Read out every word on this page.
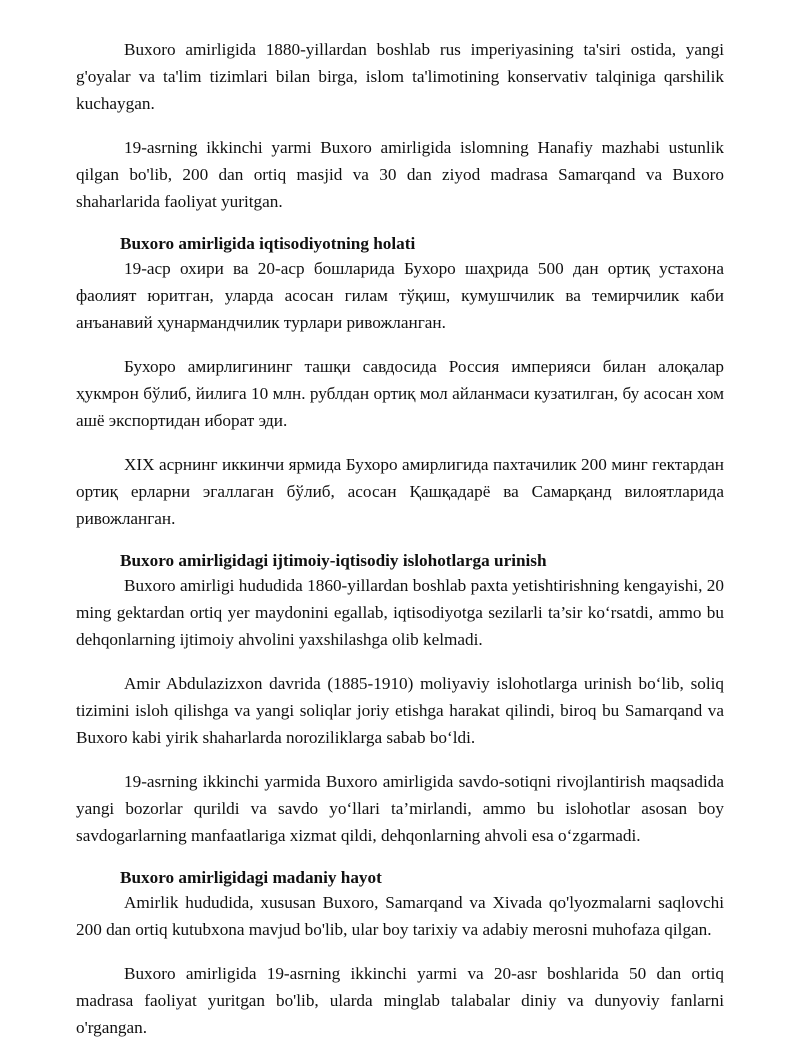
Buxoro amirligida 1880-yillardan boshlab rus imperiyasining ta'siri ostida, yangi g'oyalar va ta'lim tizimlari bilan birga, islom ta'limotining konservativ talqiniga qarshilik kuchaygan.

19-asrning ikkinchi yarmi Buxoro amirligida islomning Hanafiy mazhabi ustunlik qilgan bo'lib, 200 dan ortiq masjid va 30 dan ziyod madrasa Samarqand va Buxoro shaharlarida faoliyat yuritgan.

Buxoro amirligida iqtisodiyotning holati

19-аср охири ва 20-аср бошларида Бухоро шаҳрида 500 дан ортиқ устахона фаолият юритган, уларда асосан гилам тўқиш, кумушчилик ва темирчилик каби анъанавий ҳунармандчилик турлари ривожланган.

Бухоро амирлигининг ташқи савдосида Россия империяси билан алоқалар ҳукмрон бўлиб, йилига 10 млн. рублдан ортиқ мол айланмаси кузатилган, бу асосан хом ашё экспортидан иборат эди.

XIX асрнинг иккинчи ярмида Бухоро амирлигида пахтачилик 200 минг гектардан ортиқ ерларни эгаллаган бўлиб, асосан Қашқадарё ва Самарқанд вилоятларида ривожланган.

Buxoro amirligidagi ijtimoiy-iqtisodiy islohotlarga urinish

Buxoro amirligi hududida 1860-yillardan boshlab paxta yetishtirishning kengayishi, 20 ming gektardan ortiq yer maydonini egallab, iqtisodiyotga sezilarli ta’sir ko‘rsatdi, ammo bu dehqonlarning ijtimoiy ahvolini yaxshilashga olib kelmadi.

Amir Abdulazizxon davrida (1885-1910) moliyaviy islohotlarga urinish bo‘lib, soliq tizimini isloh qilishga va yangi soliqlar joriy etishga harakat qilindi, biroq bu Samarqand va Buxoro kabi yirik shaharlarda noroziliklarga sabab bo‘ldi.

19-asrning ikkinchi yarmida Buxoro amirligida savdo-sotiqni rivojlantirish maqsadida yangi bozorlar qurildi va savdo yo‘llari ta’mirlandi, ammo bu islohotlar asosan boy savdogarlarning manfaatlariga xizmat qildi, dehqonlarning ahvoli esa o‘zgarmadi.

Buxoro amirligidagi madaniy hayot

Amirlik hududida, xususan Buxoro, Samarqand va Xivada qo'lyozmalarni saqlovchi 200 dan ortiq kutubxona mavjud bo'lib, ular boy tarixiy va adabiy merosni muhofaza qilgan.

Buxoro amirligida 19-asrning ikkinchi yarmi va 20-asr boshlarida 50 dan ortiq madrasa faoliyat yuritgan bo'lib, ularda minglab talabalar diniy va dunyoviy fanlarni o'rgangan.
